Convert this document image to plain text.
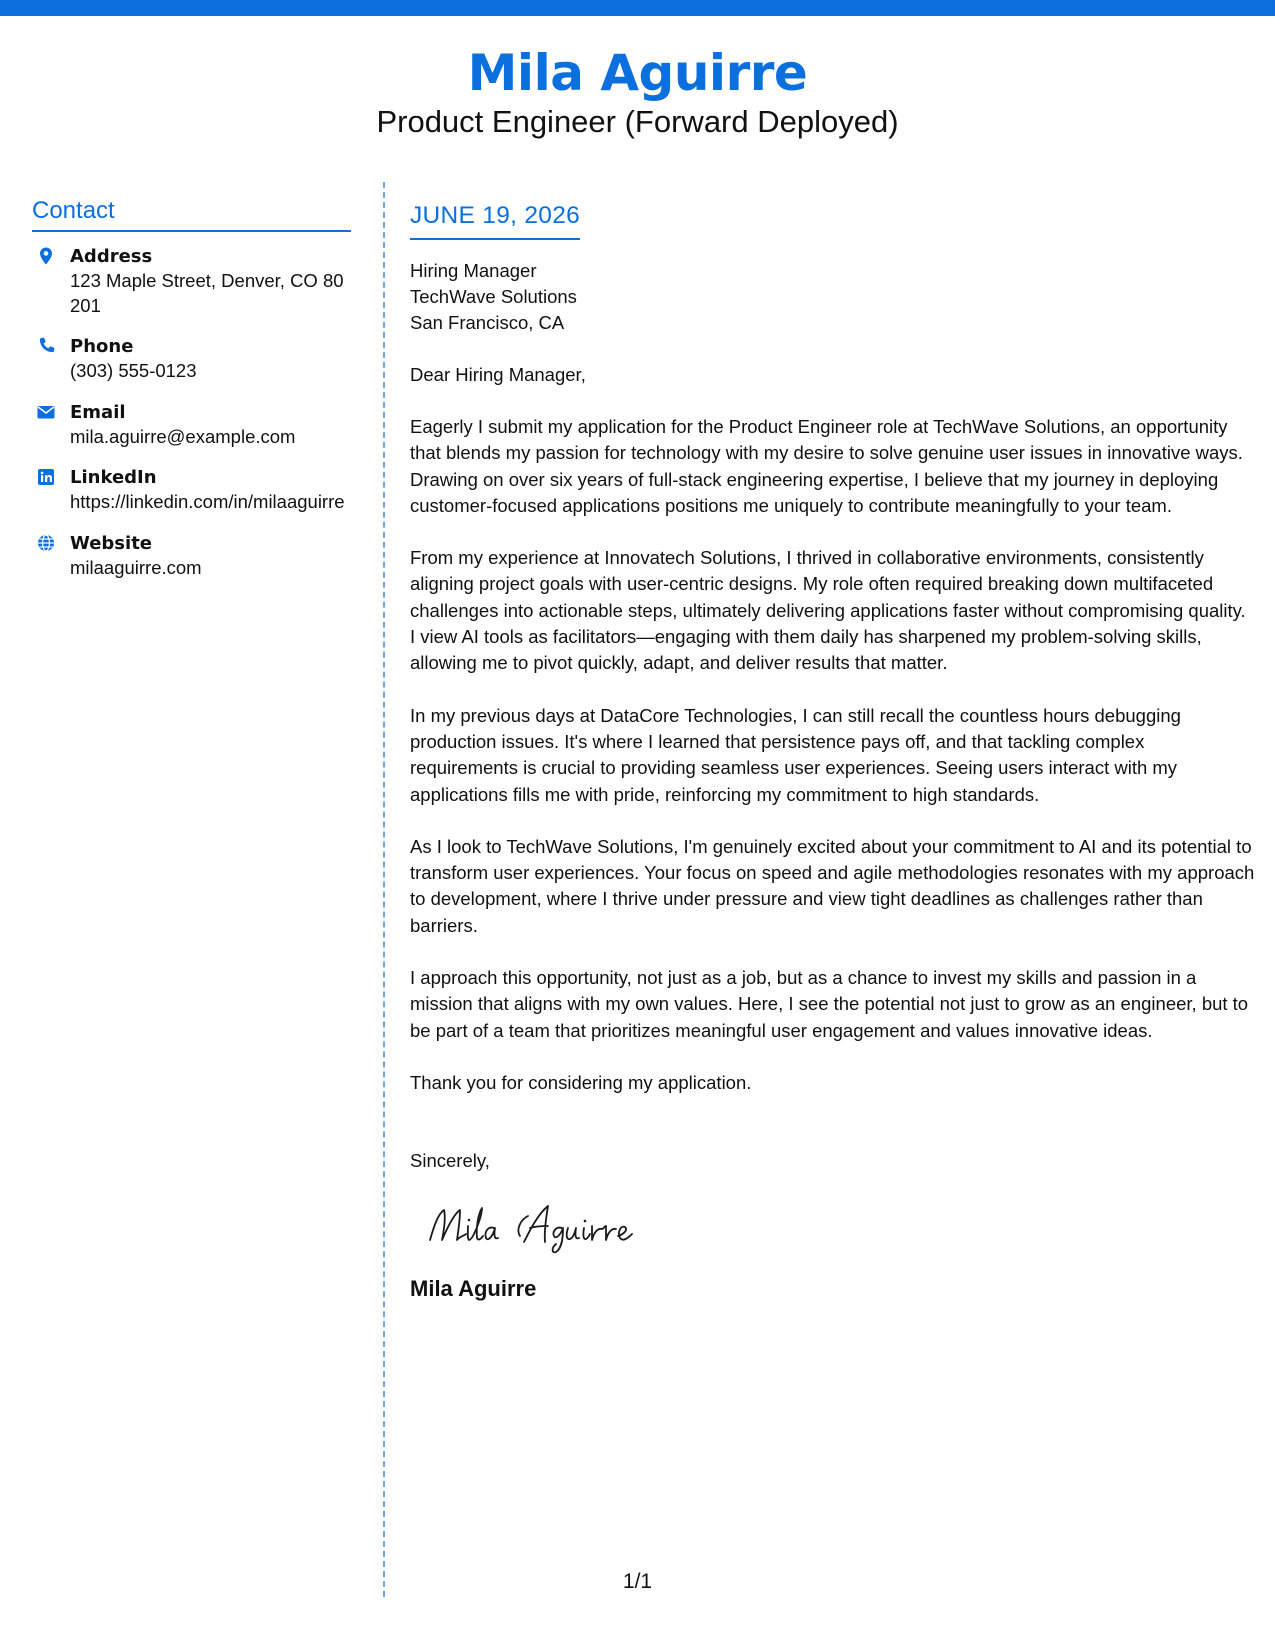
Mila Aguirre
Product Engineer (Forward Deployed)
Contact
Address
123 Maple Street, Denver, CO 80201
Phone
(303) 555-0123
Email
mila.aguirre@example.com
LinkedIn
https://linkedin.com/in/milaaguirre
Website
milaaguirre.com
JUNE 19, 2026
Hiring Manager
TechWave Solutions
San Francisco, CA

Dear Hiring Manager,

Eagerly I submit my application for the Product Engineer role at TechWave Solutions, an opportunity that blends my passion for technology with my desire to solve genuine user issues in innovative ways. Drawing on over six years of full-stack engineering expertise, I believe that my journey in deploying customer-focused applications positions me uniquely to contribute meaningfully to your team.

From my experience at Innovatech Solutions, I thrived in collaborative environments, consistently aligning project goals with user-centric designs. My role often required breaking down multifaceted challenges into actionable steps, ultimately delivering applications faster without compromising quality. I view AI tools as facilitators—engaging with them daily has sharpened my problem-solving skills, allowing me to pivot quickly, adapt, and deliver results that matter.

In my previous days at DataCore Technologies, I can still recall the countless hours debugging production issues. It's where I learned that persistence pays off, and that tackling complex requirements is crucial to providing seamless user experiences. Seeing users interact with my applications fills me with pride, reinforcing my commitment to high standards.

As I look to TechWave Solutions, I'm genuinely excited about your commitment to AI and its potential to transform user experiences. Your focus on speed and agile methodologies resonates with my approach to development, where I thrive under pressure and view tight deadlines as challenges rather than barriers.

I approach this opportunity, not just as a job, but as a chance to invest my skills and passion in a mission that aligns with my own values. Here, I see the potential not just to grow as an engineer, but to be part of a team that prioritizes meaningful user engagement and values innovative ideas.

Thank you for considering my application.

Sincerely,

Mila Aguirre
1/1
